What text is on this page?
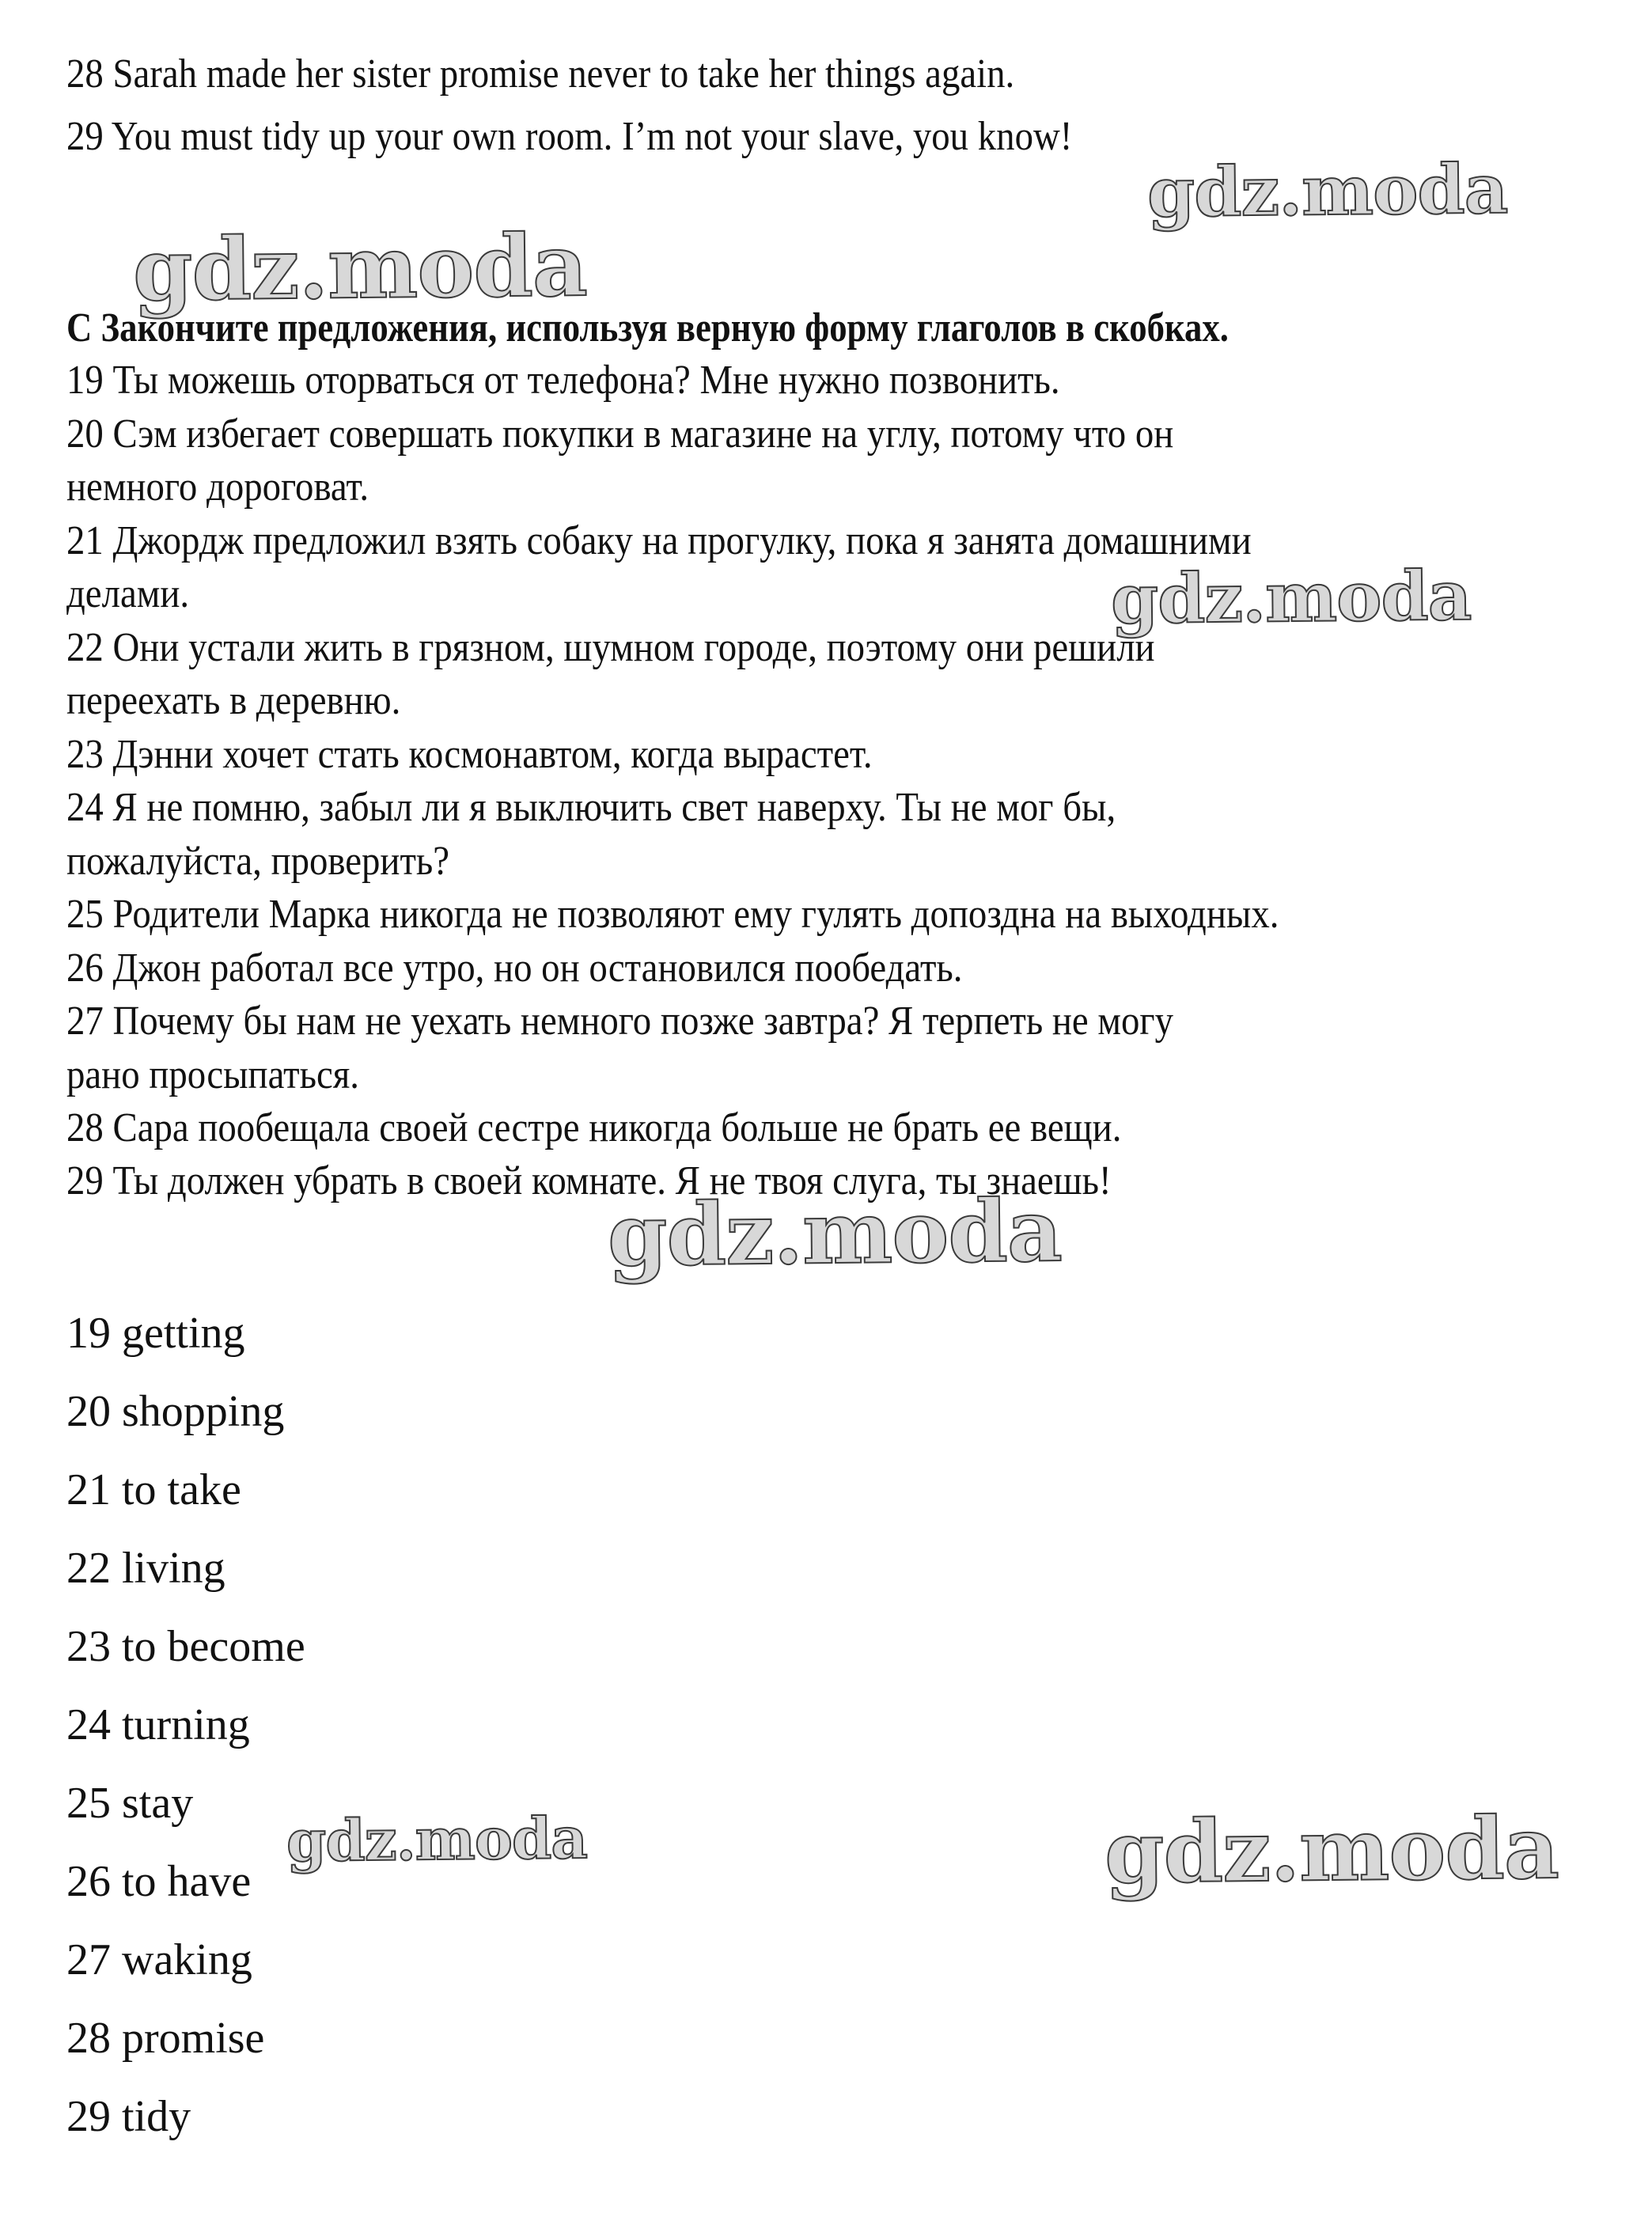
28 Sarah made her sister promise never to take her things again.
29 You must tidy up your own room. I’m not your slave, you know!
C Закончите предложения, используя верную форму глаголов в скобках.
19 Ты можешь оторваться от телефона? Мне нужно позвонить.
20 Сэм избегает совершать покупки в магазине на углу, потому что он
немного дороговат.
21 Джордж предложил взять собаку на прогулку, пока я занята домашними
делами.
22 Они устали жить в грязном, шумном городе, поэтому они решили
переехать в деревню.
23 Дэнни хочет стать космонавтом, когда вырастет.
24 Я не помню, забыл ли я выключить свет наверху. Ты не мог бы,
пожалуйста, проверить?
25 Родители Марка никогда не позволяют ему гулять допоздна на выходных.
26 Джон работал все утро, но он остановился пообедать.
27 Почему бы нам не уехать немного позже завтра? Я терпеть не могу
рано просыпаться.
28 Сара пообещала своей сестре никогда больше не брать ее вещи.
29 Ты должен убрать в своей комнате. Я не твоя слуга, ты знаешь!
19 getting
20 shopping
21 to take
22 living
23 to become
24 turning
25 stay
26 to have
27 waking
28 promise
29 tidy
gdz.moda
gdz.moda
gdz.moda
gdz.moda
gdz.moda	gdz.moda
